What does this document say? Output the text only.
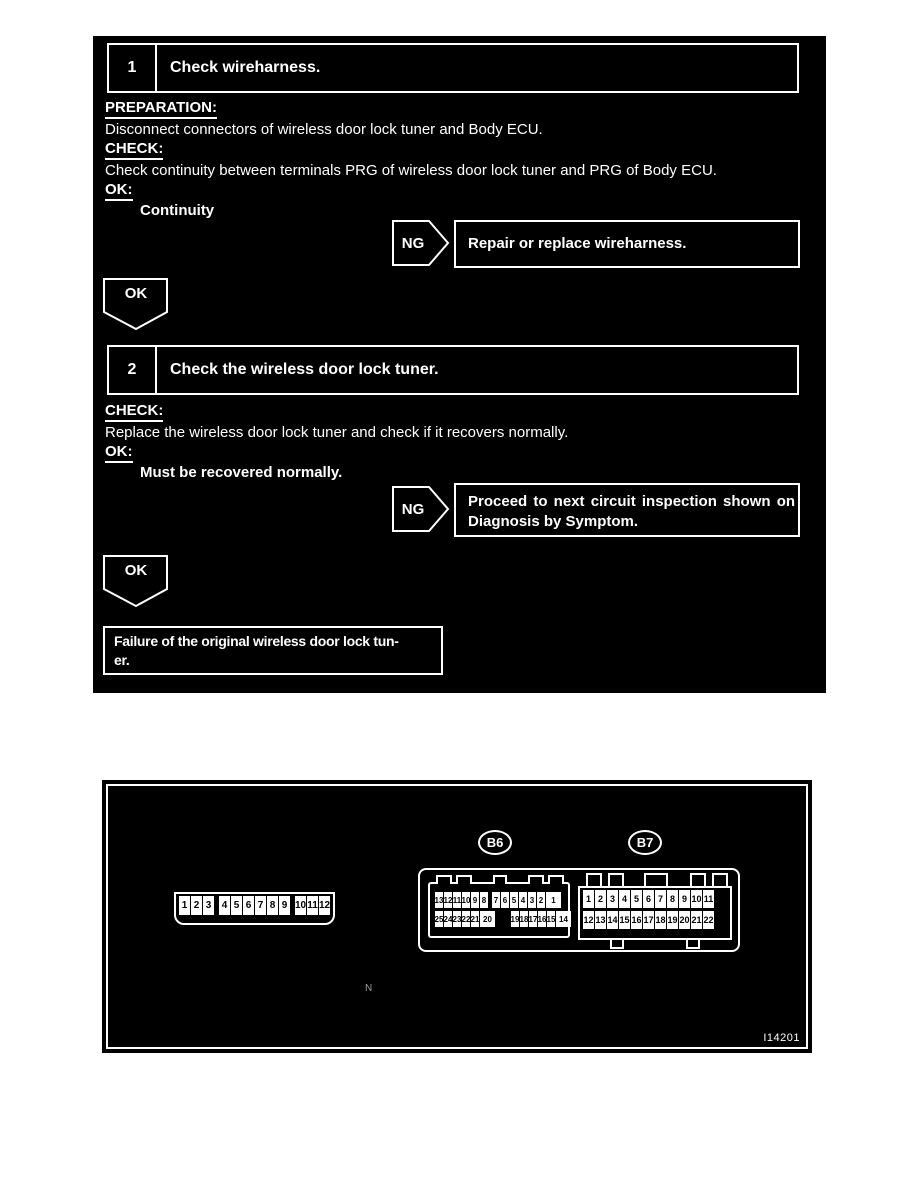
1	Check wireharness.
PREPARATION:
Disconnect connectors of wireless door lock tuner and Body ECU.
CHECK:
Check continuity between terminals PRG of wireless door lock tuner and PRG of Body ECU.
OK:
Continuity
NG	Repair or replace wireharness.
OK
2	Check the wireless door lock tuner.
CHECK:
Replace the wireless door lock tuner and check if it recovers normally.
OK:
Must be recovered normally.
NG	Proceed to next circuit inspection shown on
Diagnosis by Symptom.
OK
Failure of the original wireless door lock tun-
er.
B6	B7
1 2 3 4 5 6 7 8 9 10 11 12	13 12 11 10 9 8 7 6 5 4 3 2	1
25 24 23 22 21 20	19 18 17 16 15 14
1 2 3 4 5 6 7 8 9 10 11
12 13 14 15 16 17 18 19 20 21 22
N
I14201
